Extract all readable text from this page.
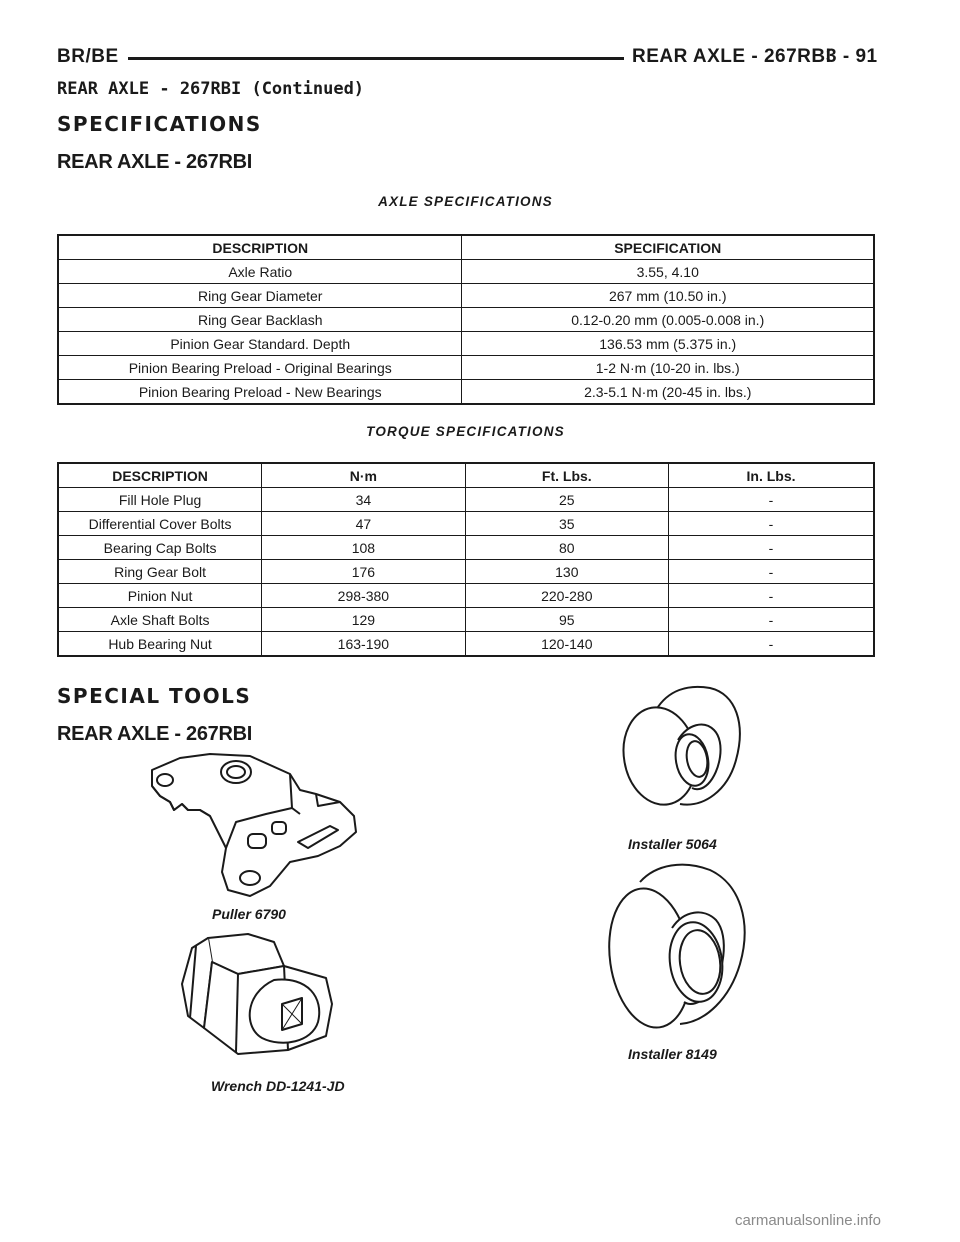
BR/BE	REAR AXLE - 267RBI
3 - 91
REAR AXLE - 267RBI (Continued)
SPECIFICATIONS
REAR AXLE - 267RBI
AXLE SPECIFICATIONS
DESCRIPTION	SPECIFICATION
Axle Ratio	3.55, 4.10
Ring Gear Diameter	267 mm (10.50 in.)
Ring Gear Backlash	0.12-0.20 mm (0.005-0.008 in.)
Pinion Gear Standard. Depth	136.53 mm (5.375 in.)
Pinion Bearing Preload - Original Bearings	1-2 N·m (10-20 in. lbs.)
Pinion Bearing Preload - New Bearings	2.3-5.1 N·m (20-45 in. lbs.)
TORQUE SPECIFICATIONS
DESCRIPTION	N·m	Ft. Lbs.	In. Lbs.
Fill Hole Plug	34	25	-
Differential Cover Bolts	47	35	-
Bearing Cap Bolts	108	80	-
Ring Gear Bolt	176	130	-
Pinion Nut	298-380	220-280	-
Axle Shaft Bolts	129	95	-
Hub Bearing Nut	163-190	120-140	-
SPECIAL TOOLS
REAR AXLE - 267RBI
Puller 6790
Installer 5064
Installer 8149
Wrench DD-1241-JD
carmanualsonline.info
